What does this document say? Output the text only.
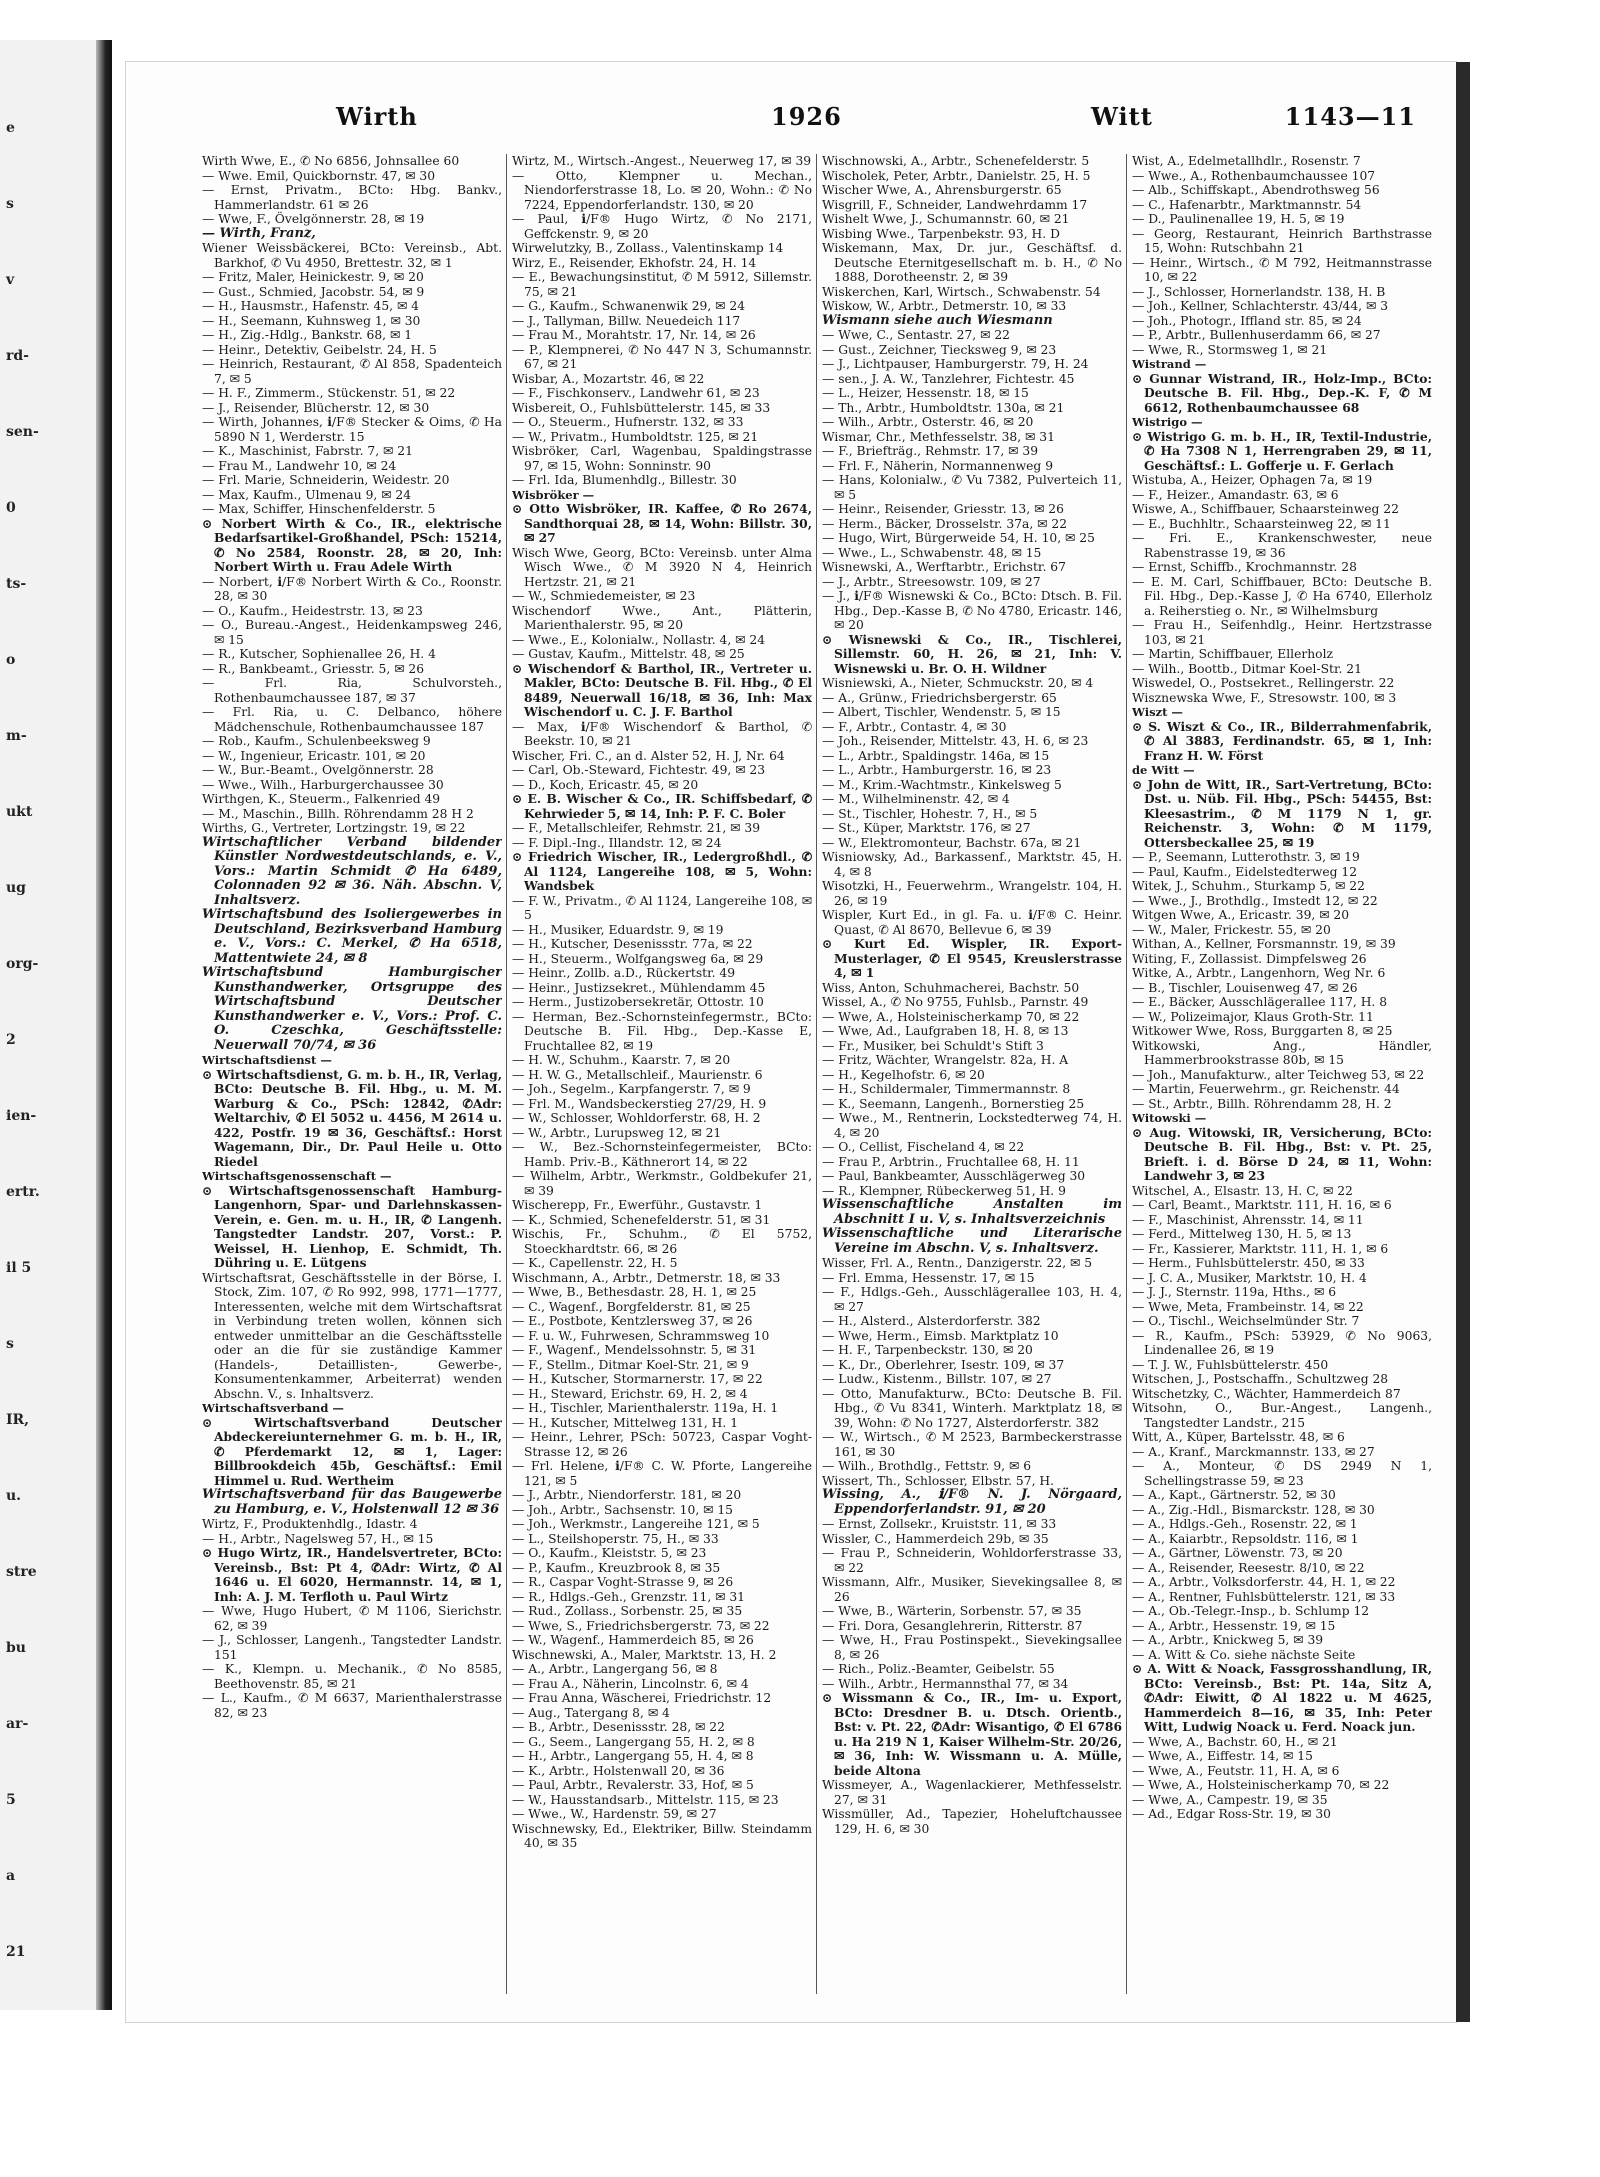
e
s
v
rd-
sen-
0
ts-
o
m-
ukt
ug
org-
2
ien-
ertr.
il 5
s
IR,
u.
stre
bu
ar-
5
a
21
Wirth	1926	Witt	1143—11
Wirth Wwe, E., ✆ No 6856, Johnsallee 60
— Wwe. Emil, Quickbornstr. 47, ✉ 30
— Ernst, Privatm., BCto: Hbg. Bankv., Hammerlandstr. 61 ✉ 26
— Wwe, F., Övelgönnerstr. 28, ✉ 19
— Wirth, Franz,
Wiener Weissbäckerei, BCto: Vereinsb., Abt. Barkhof, ✆ Vu 4950, Brettestr. 32, ✉ 1
— Fritz, Maler, Heinickestr. 9, ✉ 20
— Gust., Schmied, Jacobstr. 54, ✉ 9
— H., Hausmstr., Hafenstr. 45, ✉ 4
— H., Seemann, Kuhnsweg 1, ✉ 30
— H., Zig.-Hdlg., Bankstr. 68, ✉ 1
— Heinr., Detektiv, Geibelstr. 24, H. 5
— Heinrich, Restaurant, ✆ Al 858, Spadenteich 7, ✉ 5
— H. F., Zimmerm., Stückenstr. 51, ✉ 22
— J., Reisender, Blücherstr. 12, ✉ 30
— Wirth, Johannes, ℹ/F® Stecker & Oims, ✆ Ha 5890 N 1, Werderstr. 15
— K., Maschinist, Fabrstr. 7, ✉ 21
— Frau M., Landwehr 10, ✉ 24
— Frl. Marie, Schneiderin, Weidestr. 20
— Max, Kaufm., Ulmenau 9, ✉ 24
— Max, Schiffer, Hinschenfelderstr. 5
⊙ Norbert Wirth & Co., IR., elektrische Bedarfsartikel-Großhandel, PSch: 15214, ✆ No 2584, Roonstr. 28, ✉ 20, Inh: Norbert Wirth u. Frau Adele Wirth
— Norbert, ℹ/F® Norbert Wirth & Co., Roonstr. 28, ✉ 30
— O., Kaufm., Heidestrstr. 13, ✉ 23
— O., Bureau.-Angest., Heidenkampsweg 246, ✉ 15
— R., Kutscher, Sophienallee 26, H. 4
— R., Bankbeamt., Griesstr. 5, ✉ 26
— Frl. Ria, Schulvorsteh., Rothenbaumchaussee 187, ✉ 37
— Frl. Ria, u. C. Delbanco, höhere Mädchenschule, Rothenbaumchaussee 187
— Rob., Kaufm., Schulenbeeksweg 9
— W., Ingenieur, Ericastr. 101, ✉ 20
— W., Bur.-Beamt., Ovelgönnerstr. 28
— Wwe., Wilh., Harburgerchaussee 30
Wirthgen, K., Steuerm., Falkenried 49
— M., Maschin., Billh. Röhrendamm 28 H 2
Wirths, G., Vertreter, Lortzingstr. 19, ✉ 22
Wirtschaftlicher Verband bildender Künstler Nordwestdeutschlands, e. V., Vors.: Martin Schmidt ✆ Ha 6489, Colonnaden 92 ✉ 36. Näh. Abschn. V, Inhaltsverz.
Wirtschaftsbund des Isoliergewerbes in Deutschland, Bezirksverband Hamburg e. V., Vors.: C. Merkel, ✆ Ha 6518, Mattentwiete 24, ✉ 8
Wirtschaftsbund Hamburgischer Kunsthandwerker, Ortsgruppe des Wirtschaftsbund Deutscher Kunsthandwerker e. V., Vors.: Prof. C. O. Czeschka, Geschäftsstelle: Neuerwall 70/74, ✉ 36
Wirtschaftsdienst —
⊙ Wirtschaftsdienst, G. m. b. H., IR, Verlag, BCto: Deutsche B. Fil. Hbg., u. M. M. Warburg & Co., PSch: 12842, ✆Adr: Weltarchiv, ✆ El 5052 u. 4456, M 2614 u. 422, Postfr. 19 ✉ 36, Geschäftsf.: Horst Wagemann, Dir., Dr. Paul Heile u. Otto Riedel
Wirtschaftsgenossenschaft —
⊙ Wirtschaftsgenossenschaft Hamburg-Langenhorn, Spar- und Darlehnskassen-Verein, e. Gen. m. u. H., IR, ✆ Langenh. Tangstedter Landstr. 207, Vorst.: P. Weissel, H. Lienhop, E. Schmidt, Th. Dühring u. E. Lütgens
Wirtschaftsrat, Geschäftsstelle in der Börse, I. Stock, Zim. 107, ✆ Ro 992, 998, 1771—1777, Interessenten, welche mit dem Wirtschaftsrat in Verbindung treten wollen, können sich entweder unmittelbar an die Geschäftsstelle oder an die für sie zuständige Kammer (Handels-, Detaillisten-, Gewerbe-, Konsumentenkammer, Arbeiterrat) wenden Abschn. V., s. Inhaltsverz.
Wirtschaftsverband —
⊙ Wirtschaftsverband Deutscher Abdeckereiunternehmer G. m. b. H., IR, ✆ Pferdemarkt 12, ✉ 1, Lager: Billbrookdeich 45b, Geschäftsf.: Emil Himmel u. Rud. Wertheim
Wirtschaftsverband für das Baugewerbe zu Hamburg, e. V., Holstenwall 12 ✉ 36
Wirtz, F., Produktenhdlg., Idastr. 4
— H., Arbtr., Nagelsweg 57, H., ✉ 15
⊙ Hugo Wirtz, IR., Handelsvertreter, BCto: Vereinsb., Bst: Pt 4, ✆Adr: Wirtz, ✆ Al 1646 u. El 6020, Hermannstr. 14, ✉ 1, Inh: A. J. M. Terfloth u. Paul Wirtz
— Wwe, Hugo Hubert, ✆ M 1106, Sierichstr. 62, ✉ 39
— J., Schlosser, Langenh., Tangstedter Landstr. 151
— K., Klempn. u. Mechanik., ✆ No 8585, Beethovenstr. 85, ✉ 21
— L., Kaufm., ✆ M 6637, Marienthalerstrasse 82, ✉ 23
Wirtz, M., Wirtsch.-Angest., Neuerweg 17, ✉ 39
— Otto, Klempner u. Mechan., Niendorferstrasse 18, Lo. ✉ 20, Wohn.: ✆ No 7224, Eppendorferlandstr. 130, ✉ 20
— Paul, ℹ/F® Hugo Wirtz, ✆ No 2171, Geffckenstr. 9, ✉ 20
Wirwelutzky, B., Zollass., Valentinskamp 14
Wirz, E., Reisender, Ekhofstr. 24, H. 14
— E., Bewachungsinstitut, ✆ M 5912, Sillemstr. 75, ✉ 21
— G., Kaufm., Schwanenwik 29, ✉ 24
— J., Tallyman, Billw. Neuedeich 117
— Frau M., Morahtstr. 17, Nr. 14, ✉ 26
— P., Klempnerei, ✆ No 447 N 3, Schumannstr. 67, ✉ 21
Wisbar, A., Mozartstr. 46, ✉ 22
— F., Fischkonserv., Landwehr 61, ✉ 23
Wisbereit, O., Fuhlsbüttelerstr. 145, ✉ 33
— O., Steuerm., Hufnerstr. 132, ✉ 33
— W., Privatm., Humboldtstr. 125, ✉ 21
Wisbröker, Carl, Wagenbau, Spaldingstrasse 97, ✉ 15, Wohn: Sonninstr. 90
— Frl. Ida, Blumenhdlg., Billestr. 30
Wisbröker —
⊙ Otto Wisbröker, IR. Kaffee, ✆ Ro 2674, Sandthorquai 28, ✉ 14, Wohn: Billstr. 30, ✉ 27
Wisch Wwe, Georg, BCto: Vereinsb. unter Alma Wisch Wwe., ✆ M 3920 N 4, Heinrich Hertzstr. 21, ✉ 21
— W., Schmiedemeister, ✉ 23
Wischendorf Wwe., Ant., Plätterin, Marienthalerstr. 95, ✉ 20
— Wwe., E., Kolonialw., Nollastr. 4, ✉ 24
— Gustav, Kaufm., Mittelstr. 48, ✉ 25
⊙ Wischendorf & Barthol, IR., Vertreter u. Makler, BCto: Deutsche B. Fil. Hbg., ✆ El 8489, Neuerwall 16/18, ✉ 36, Inh: Max Wischendorf u. C. J. F. Barthol
— Max, ℹ/F® Wischendorf & Barthol, ✆ Beekstr. 10, ✉ 21
Wischer, Fri. C., an d. Alster 52, H. J, Nr. 64
— Carl, Ob.-Steward, Fichtestr. 49, ✉ 23
— D., Koch, Ericastr. 45, ✉ 20
⊙ E. B. Wischer & Co., IR. Schiffsbedarf, ✆ Kehrwieder 5, ✉ 14, Inh: P. F. C. Boler
— F., Metallschleifer, Rehmstr. 21, ✉ 39
— F. Dipl.-Ing., Illandstr. 12, ✉ 24
⊙ Friedrich Wischer, IR., Ledergroßhdl., ✆ Al 1124, Langereihe 108, ✉ 5, Wohn: Wandsbek
— F. W., Privatm., ✆ Al 1124, Langereihe 108, ✉ 5
— H., Musiker, Eduardstr. 9, ✉ 19
— H., Kutscher, Desenissstr. 77a, ✉ 22
— H., Steuerm., Wolfgangsweg 6a, ✉ 29
— Heinr., Zollb. a.D., Rückertstr. 49
— Heinr., Justizsekret., Mühlendamm 45
— Herm., Justizobersekretär, Ottostr. 10
— Herman, Bez.-Schornsteinfegermstr., BCto: Deutsche B. Fil. Hbg., Dep.-Kasse E, Fruchtallee 82, ✉ 19
— H. W., Schuhm., Kaarstr. 7, ✉ 20
— H. W. G., Metallschleif., Maurienstr. 6
— Joh., Segelm., Karpfangerstr. 7, ✉ 9
— Frl. M., Wandsbeckerstieg 27/29, H. 9
— W., Schlosser, Wohldorferstr. 68, H. 2
— W., Arbtr., Lurupsweg 12, ✉ 21
— W., Bez.-Schornsteinfegermeister, BCto: Hamb. Priv.-B., Käthnerort 14, ✉ 22
— Wilhelm, Arbtr., Werkmstr., Goldbekufer 21, ✉ 39
Wischerepp, Fr., Ewerführ., Gustavstr. 1
— K., Schmied, Schenefelderstr. 51, ✉ 31
Wischis, Fr., Schuhm., ✆ El 5752, Stoeckhardtstr. 66, ✉ 26
— K., Capellenstr. 22, H. 5
Wischmann, A., Arbtr., Detmerstr. 18, ✉ 33
— Wwe, B., Bethesdastr. 28, H. 1, ✉ 25
— C., Wagenf., Borgfelderstr. 81, ✉ 25
— E., Postbote, Kentzlersweg 37, ✉ 26
— F. u. W., Fuhrwesen, Schrammsweg 10
— F., Wagenf., Mendelssohnstr. 5, ✉ 31
— F., Stellm., Ditmar Koel-Str. 21, ✉ 9
— H., Kutscher, Stormarnerstr. 17, ✉ 22
— H., Steward, Erichstr. 69, H. 2, ✉ 4
— H., Tischler, Marienthalerstr. 119a, H. 1
— H., Kutscher, Mittelweg 131, H. 1
— Heinr., Lehrer, PSch: 50723, Caspar Voght-Strasse 12, ✉ 26
— Frl. Helene, ℹ/F® C. W. Pforte, Langereihe 121, ✉ 5
— J., Arbtr., Niendorferstr. 181, ✉ 20
— Joh., Arbtr., Sachsenstr. 10, ✉ 15
— Joh., Werkmstr., Langereihe 121, ✉ 5
— L., Steilshoperstr. 75, H., ✉ 33
— O., Kaufm., Kleiststr. 5, ✉ 23
— P., Kaufm., Kreuzbrook 8, ✉ 35
— R., Caspar Voght-Strasse 9, ✉ 26
— R., Hdlgs.-Geh., Grenzstr. 11, ✉ 31
— Rud., Zollass., Sorbenstr. 25, ✉ 35
— Wwe, S., Friedrichsbergerstr. 73, ✉ 22
— W., Wagenf., Hammerdeich 85, ✉ 26
Wischnewski, A., Maler, Marktstr. 13, H. 2
— A., Arbtr., Langergang 56, ✉ 8
— Frau A., Näherin, Lincolnstr. 6, ✉ 4
— Frau Anna, Wäscherei, Friedrichstr. 12
— Aug., Tatergang 8, ✉ 4
— B., Arbtr., Desenissstr. 28, ✉ 22
— G., Seem., Langergang 55, H. 2, ✉ 8
— H., Arbtr., Langergang 55, H. 4, ✉ 8
— K., Arbtr., Holstenwall 20, ✉ 36
— Paul, Arbtr., Revalerstr. 33, Hof, ✉ 5
— W., Hausstandsarb., Mittelstr. 115, ✉ 23
— Wwe., W., Hardenstr. 59, ✉ 27
Wischnewsky, Ed., Elektriker, Billw. Steindamm 40, ✉ 35
Wischnowski, A., Arbtr., Schenefelderstr. 5
Wischolek, Peter, Arbtr., Danielstr. 25, H. 5
Wischer Wwe, A., Ahrensburgerstr. 65
Wisgrill, F., Schneider, Landwehrdamm 17
Wishelt Wwe, J., Schumannstr. 60, ✉ 21
Wisbing Wwe., Tarpenbekstr. 93, H. D
Wiskemann, Max, Dr. jur., Geschäftsf. d. Deutsche Eternitgesellschaft m. b. H., ✆ No 1888, Dorotheenstr. 2, ✉ 39
Wiskerchen, Karl, Wirtsch., Schwabenstr. 54
Wiskow, W., Arbtr., Detmerstr. 10, ✉ 33
Wismann siehe auch Wiesmann
— Wwe, C., Sentastr. 27, ✉ 22
— Gust., Zeichner, Tiecksweg 9, ✉ 23
— J., Lichtpauser, Hamburgerstr. 79, H. 24
— sen., J. A. W., Tanzlehrer, Fichtestr. 45
— L., Heizer, Hessenstr. 18, ✉ 15
— Th., Arbtr., Humboldtstr. 130a, ✉ 21
— Wilh., Arbtr., Osterstr. 46, ✉ 20
Wismar, Chr., Methfesselstr. 38, ✉ 31
— F., Briefträg., Rehmstr. 17, ✉ 39
— Frl. F., Näherin, Normannenweg 9
— Hans, Kolonialw., ✆ Vu 7382, Pulverteich 11, ✉ 5
— Heinr., Reisender, Griesstr. 13, ✉ 26
— Herm., Bäcker, Drosselstr. 37a, ✉ 22
— Hugo, Wirt, Bürgerweide 54, H. 10, ✉ 25
— Wwe., L., Schwabenstr. 48, ✉ 15
Wisnewski, A., Werftarbtr., Erichstr. 67
— J., Arbtr., Streesowstr. 109, ✉ 27
— J., ℹ/F® Wisnewski & Co., BCto: Dtsch. B. Fil. Hbg., Dep.-Kasse B, ✆ No 4780, Ericastr. 146, ✉ 20
⊙ Wisnewski & Co., IR., Tischlerei, Sillemstr. 60, H. 26, ✉ 21, Inh: V. Wisnewski u. Br. O. H. Wildner
Wisniewski, A., Nieter, Schmuckstr. 20, ✉ 4
— A., Grünw., Friedrichsbergerstr. 65
— Albert, Tischler, Wendenstr. 5, ✉ 15
— F., Arbtr., Contastr. 4, ✉ 30
— Joh., Reisender, Mittelstr. 43, H. 6, ✉ 23
— L., Arbtr., Spaldingstr. 146a, ✉ 15
— L., Arbtr., Hamburgerstr. 16, ✉ 23
— M., Krim.-Wachtmstr., Kinkelsweg 5
— M., Wilhelminenstr. 42, ✉ 4
— St., Tischler, Hohestr. 7, H., ✉ 5
— St., Küper, Marktstr. 176, ✉ 27
— W., Elektromonteur, Bachstr. 67a, ✉ 21
Wisniowsky, Ad., Barkassenf., Marktstr. 45, H. 4, ✉ 8
Wisotzki, H., Feuerwehrm., Wrangelstr. 104, H. 26, ✉ 19
Wispler, Kurt Ed., in gl. Fa. u. ℹ/F® C. Heinr. Quast, ✆ Al 8670, Bellevue 6, ✉ 39
⊙ Kurt Ed. Wispler, IR. Export-Musterlager, ✆ El 9545, Kreuslerstrasse 4, ✉ 1
Wiss, Anton, Schuhmacherei, Bachstr. 50
Wissel, A., ✆ No 9755, Fuhlsb., Parnstr. 49
— Wwe, A., Holsteinischerkamp 70, ✉ 22
— Wwe, Ad., Laufgraben 18, H. 8, ✉ 13
— Fr., Musiker, bei Schuldt's Stift 3
— Fritz, Wächter, Wrangelstr. 82a, H. A
— H., Kegelhofstr. 6, ✉ 20
— H., Schildermaler, Timmermannstr. 8
— K., Seemann, Langenh., Bornerstieg 25
— Wwe., M., Rentnerin, Lockstedterweg 74, H. 4, ✉ 20
— O., Cellist, Fischeland 4, ✉ 22
— Frau P., Arbtrin., Fruchtallee 68, H. 11
— Paul, Bankbeamter, Ausschlägerweg 30
— R., Klempner, Rübeckerweg 51, H. 9
Wissenschaftliche Anstalten im Abschnitt I u. V, s. Inhaltsverzeichnis
Wissenschaftliche und Literarische Vereine im Abschn. V, s. Inhaltsverz.
Wisser, Frl. A., Rentn., Danzigerstr. 22, ✉ 5
— Frl. Emma, Hessenstr. 17, ✉ 15
— F., Hdlgs.-Geh., Ausschlägerallee 103, H. 4, ✉ 27
— H., Alsterd., Alsterdorferstr. 382
— Wwe, Herm., Eimsb. Marktplatz 10
— H. F., Tarpenbeckstr. 130, ✉ 20
— K., Dr., Oberlehrer, Isestr. 109, ✉ 37
— Ludw., Kistenm., Billstr. 107, ✉ 27
— Otto, Manufakturw., BCto: Deutsche B. Fil. Hbg., ✆ Vu 8341, Winterh. Marktplatz 18, ✉ 39, Wohn: ✆ No 1727, Alsterdorferstr. 382
— W., Wirtsch., ✆ M 2523, Barmbeckerstrasse 161, ✉ 30
— Wilh., Brothdlg., Fettstr. 9, ✉ 6
Wissert, Th., Schlosser, Elbstr. 57, H.
Wissing, A., ℹ/F® N. J. Nörgaard, Eppendorferlandstr. 91, ✉ 20
— Ernst, Zollsekr., Kruiststr. 11, ✉ 33
Wissler, C., Hammerdeich 29b, ✉ 35
— Frau P., Schneiderin, Wohldorferstrasse 33, ✉ 22
Wissmann, Alfr., Musiker, Sievekingsallee 8, ✉ 26
— Wwe, B., Wärterin, Sorbenstr. 57, ✉ 35
— Fri. Dora, Gesanglehrerin, Ritterstr. 87
— Wwe, H., Frau Postinspekt., Sievekingsallee 8, ✉ 26
— Rich., Poliz.-Beamter, Geibelstr. 55
— Wilh., Arbtr., Hermannsthal 77, ✉ 34
⊙ Wissmann & Co., IR., Im- u. Export, BCto: Dresdner B. u. Dtsch. Orientb., Bst: v. Pt. 22, ✆Adr: Wisantigo, ✆ El 6786 u. Ha 219 N 1, Kaiser Wilhelm-Str. 20/26, ✉ 36, Inh: W. Wissmann u. A. Mülle, beide Altona
Wissmeyer, A., Wagenlackierer, Methfesselstr. 27, ✉ 31
Wissmüller, Ad., Tapezier, Hoheluftchaussee 129, H. 6, ✉ 30
Wist, A., Edelmetallhdlr., Rosenstr. 7
— Wwe., A., Rothenbaumchaussee 107
— Alb., Schiffskapt., Abendrothsweg 56
— C., Hafenarbtr., Marktmannstr. 54
— D., Paulinenallee 19, H. 5, ✉ 19
— Georg, Restaurant, Heinrich Barthstrasse 15, Wohn: Rutschbahn 21
— Heinr., Wirtsch., ✆ M 792, Heitmannstrasse 10, ✉ 22
— J., Schlosser, Hornerlandstr. 138, H. B
— Joh., Kellner, Schlachterstr. 43/44, ✉ 3
— Joh., Photogr., Iffland str. 85, ✉ 24
— P., Arbtr., Bullenhuserdamm 66, ✉ 27
— Wwe, R., Stormsweg 1, ✉ 21
Wistrand —
⊙ Gunnar Wistrand, IR., Holz-Imp., BCto: Deutsche B. Fil. Hbg., Dep.-K. F, ✆ M 6612, Rothenbaumchaussee 68
Wistrigo —
⊙ Wistrigo G. m. b. H., IR, Textil-Industrie, ✆ Ha 7308 N 1, Herrengraben 29, ✉ 11, Geschäftsf.: L. Gofferje u. F. Gerlach
Wistuba, A., Heizer, Ophagen 7a, ✉ 19
— F., Heizer., Amandastr. 63, ✉ 6
Wiswe, A., Schiffbauer, Schaarsteinweg 22
— E., Buchhltr., Schaarsteinweg 22, ✉ 11
— Fri. E., Krankenschwester, neue Rabenstrasse 19, ✉ 36
— Ernst, Schiffb., Krochmannstr. 28
— E. M. Carl, Schiffbauer, BCto: Deutsche B. Fil. Hbg., Dep.-Kasse J, ✆ Ha 6740, Ellerholz a. Reiherstieg o. Nr., ✉ Wilhelmsburg
— Frau H., Seifenhdlg., Heinr. Hertzstrasse 103, ✉ 21
— Martin, Schiffbauer, Ellerholz
— Wilh., Boottb., Ditmar Koel-Str. 21
Wiswedel, O., Postsekret., Rellingerstr. 22
Wisznewska Wwe, F., Stresowstr. 100, ✉ 3
Wiszt —
⊙ S. Wiszt & Co., IR., Bilderrahmenfabrik, ✆ Al 3883, Ferdinandstr. 65, ✉ 1, Inh: Franz H. W. Först
de Witt —
⊙ John de Witt, IR., Sart-Vertretung, BCto: Dst. u. Nüb. Fil. Hbg., PSch: 54455, Bst: Kleesastrim., ✆ M 1179 N 1, gr. Reichenstr. 3, Wohn: ✆ M 1179, Ottersbeckallee 25, ✉ 19
— P., Seemann, Lutterothstr. 3, ✉ 19
— Paul, Kaufm., Eidelstedterweg 12
Witek, J., Schuhm., Sturkamp 5, ✉ 22
— Wwe., J., Brothdlg., Imstedt 12, ✉ 22
Witgen Wwe, A., Ericastr. 39, ✉ 20
— W., Maler, Frickestr. 55, ✉ 20
Withan, A., Kellner, Forsmannstr. 19, ✉ 39
Witing, F., Zollassist. Dimpfelsweg 26
Witke, A., Arbtr., Langenhorn, Weg Nr. 6
— B., Tischler, Louisenweg 47, ✉ 26
— E., Bäcker, Ausschlägerallee 117, H. 8
— W., Polizeimajor, Klaus Groth-Str. 11
Witkower Wwe, Ross, Burggarten 8, ✉ 25
Witkowski, Ang., Händler, Hammerbrookstrasse 80b, ✉ 15
— Joh., Manufakturw., alter Teichweg 53, ✉ 22
— Martin, Feuerwehrm., gr. Reichenstr. 44
— St., Arbtr., Billh. Röhrendamm 28, H. 2
Witowski —
⊙ Aug. Witowski, IR, Versicherung, BCto: Deutsche B. Fil. Hbg., Bst: v. Pt. 25, Brieft. i. d. Börse D 24, ✉ 11, Wohn: Landwehr 3, ✉ 23
Witschel, A., Elsastr. 13, H. C, ✉ 22
— Carl, Beamt., Marktstr. 111, H. 16, ✉ 6
— F., Maschinist, Ahrensstr. 14, ✉ 11
— Ferd., Mittelweg 130, H. 5, ✉ 13
— Fr., Kassierer, Marktstr. 111, H. 1, ✉ 6
— Herm., Fuhlsbüttelerstr. 450, ✉ 33
— J. C. A., Musiker, Marktstr. 10, H. 4
— J. J., Sternstr. 119a, Hths., ✉ 6
— Wwe, Meta, Frambeinstr. 14, ✉ 22
— O., Tischl., Weichselmünder Str. 7
— R., Kaufm., PSch: 53929, ✆ No 9063, Lindenallee 26, ✉ 19
— T. J. W., Fuhlsbüttelerstr. 450
Witschen, J., Postschaffn., Schultzweg 28
Witschetzky, C., Wächter, Hammerdeich 87
Witsohn, O., Bur.-Angest., Langenh., Tangstedter Landstr., 215
Witt, A., Küper, Bartelsstr. 48, ✉ 6
— A., Kranf., Marckmannstr. 133, ✉ 27
— A., Monteur, ✆ DS 2949 N 1, Schellingstrasse 59, ✉ 23
— A., Kapt., Gärtnerstr. 52, ✉ 30
— A., Zig.-Hdl., Bismarckstr. 128, ✉ 30
— A., Hdlgs.-Geh., Rosenstr. 22, ✉ 1
— A., Kaiarbtr., Repsoldstr. 116, ✉ 1
— A., Gärtner, Löwenstr. 73, ✉ 20
— A., Reisender, Reesestr. 8/10, ✉ 22
— A., Arbtr., Volksdorferstr. 44, H. 1, ✉ 22
— A., Rentner, Fuhlsbüttelerstr. 121, ✉ 33
— A., Ob.-Telegr.-Insp., b. Schlump 12
— A., Arbtr., Hessenstr. 19, ✉ 15
— A., Arbtr., Knickweg 5, ✉ 39
— A. Witt & Co. siehe nächste Seite
⊙ A. Witt & Noack, Fassgrosshandlung, IR, BCto: Vereinsb., Bst: Pt. 14a, Sitz A, ✆Adr: Eiwitt, ✆ Al 1822 u. M 4625, Hammerdeich 8—16, ✉ 35, Inh: Peter Witt, Ludwig Noack u. Ferd. Noack jun.
— Wwe, A., Bachstr. 60, H., ✉ 21
— Wwe, A., Eiffestr. 14, ✉ 15
— Wwe, A., Feutstr. 11, H. A, ✉ 6
— Wwe, A., Holsteinischerkamp 70, ✉ 22
— Wwe, A., Campestr. 19, ✉ 35
— Ad., Edgar Ross-Str. 19, ✉ 30
